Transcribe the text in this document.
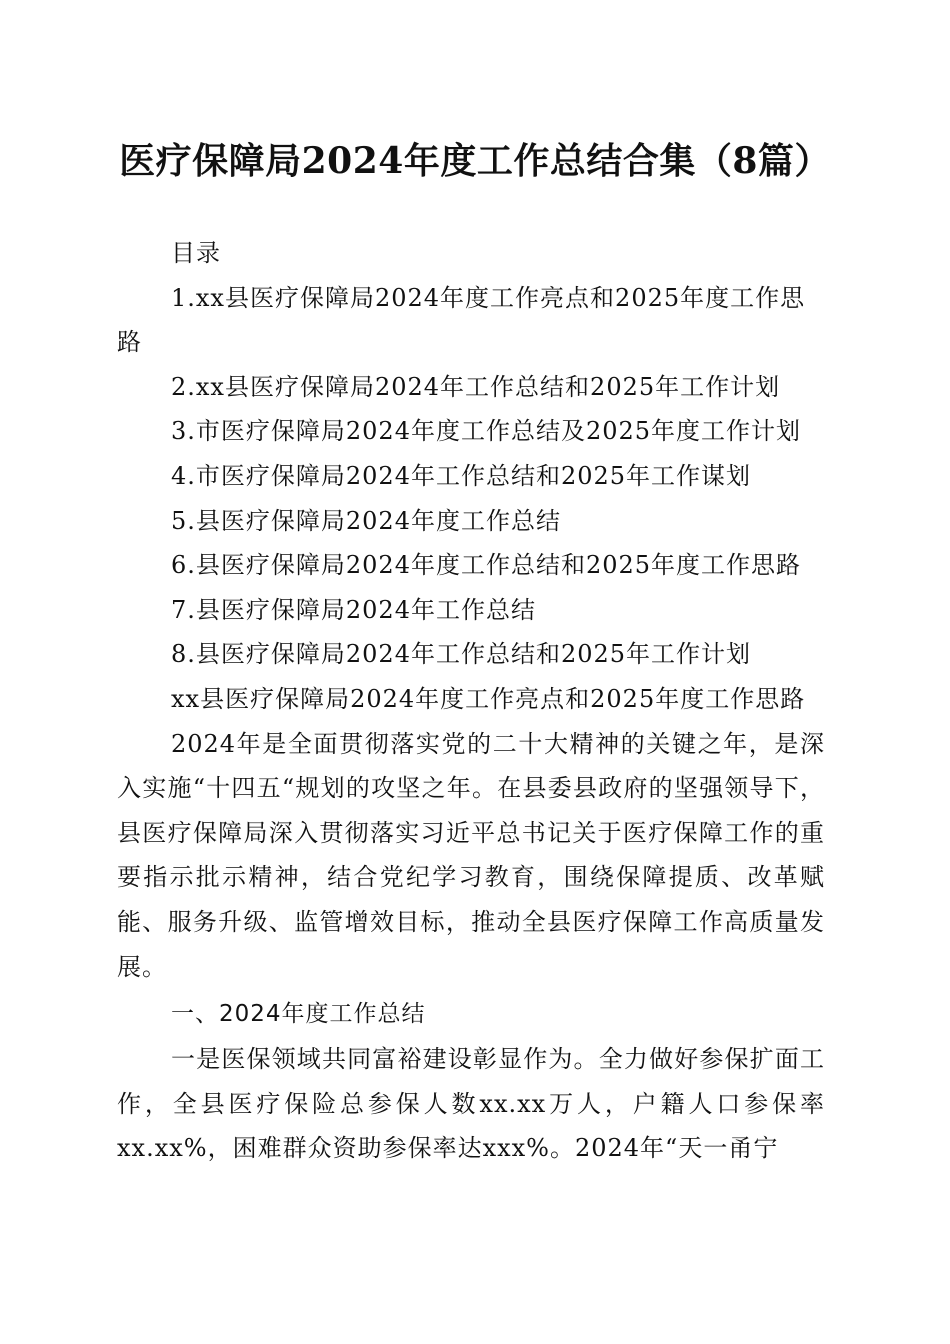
医疗保障局2024年度工作总结合集（8篇）

目录

1.xx县医疗保障局2024年度工作亮点和2025年度工作思路

2.xx县医疗保障局2024年工作总结和2025年工作计划

3.市医疗保障局2024年度工作总结及2025年度工作计划

4.市医疗保障局2024年工作总结和2025年工作谋划

5.县医疗保障局2024年度工作总结

6.县医疗保障局2024年度工作总结和2025年度工作思路

7.县医疗保障局2024年工作总结

8.县医疗保障局2024年工作总结和2025年工作计划

xx县医疗保障局2024年度工作亮点和2025年度工作思路

2024年是全面贯彻落实党的二十大精神的关键之年，是深入实施“十四五“规划的攻坚之年。在县委县政府的坚强领导下，县医疗保障局深入贯彻落实习近平总书记关于医疗保障工作的重要指示批示精神，结合党纪学习教育，围绕保障提质、改革赋能、服务升级、监管增效目标，推动全县医疗保障工作高质量发展。

一、2024年度工作总结

一是医保领域共同富裕建设彰显作为。全力做好参保扩面工作，全县医疗保险总参保人数xx.xx万人，户籍人口参保率xx.xx%，困难群众资助参保率达xxx%。2024年“天一甬宁
